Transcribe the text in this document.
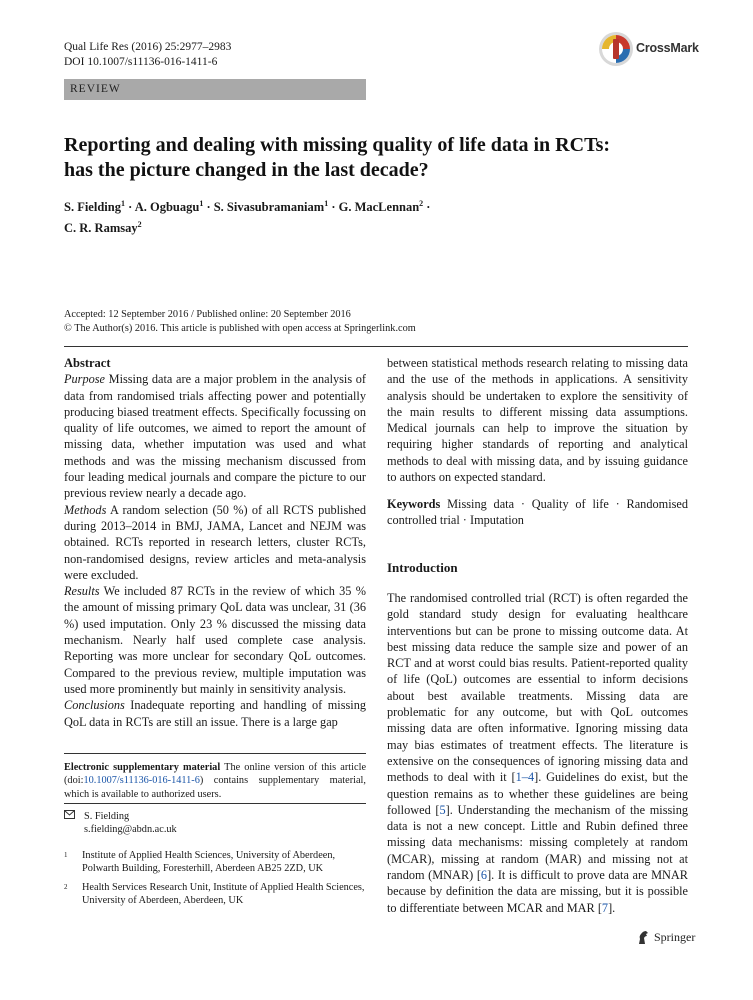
Qual Life Res (2016) 25:2977–2983
DOI 10.1007/s11136-016-1411-6
REVIEW
CrossMark
Reporting and dealing with missing quality of life data in RCTs:
has the picture changed in the last decade?
S. Fielding$^1$ · A. Ogbuagu$^1$ · S. Sivasubramaniam$^1$ · G. MacLennan$^2$ ·
C. R. Ramsay$^2$
Accepted: 12 September 2016 / Published online: 20 September 2016
© The Author(s) 2016. This article is published with open access at Springerlink.com

Abstract

Purpose Missing data are a major problem in the analysis of data from randomised trials affecting power and potentially producing biased treatment effects. Specifically focussing on quality of life outcomes, we aimed to report the amount of missing data, whether imputation was used and what methods and was the missing mechanism discussed from four leading medical journals and compare the picture to our previous review nearly a decade ago.

Methods A random selection (50 %) of all RCTS published during 2013–2014 in BMJ, JAMA, Lancet and NEJM was obtained. RCTs reported in research letters, cluster RCTs, non-randomised designs, review articles and meta-analysis were excluded.

Results We included 87 RCTs in the review of which 35 % the amount of missing primary QoL data was unclear, 31 (36 %) used imputation. Only 23 % discussed the missing data mechanism. Nearly half used complete case analysis. Reporting was more unclear for secondary QoL outcomes. Compared to the previous review, multiple imputation was used more prominently but mainly in sensitivity analysis.

Conclusions Inadequate reporting and handling of missing QoL data in RCTs are still an issue. There is a large gap

Electronic supplementary material The online version of this article (doi:10.1007/s11136-016-1411-6) contains supplementary material, which is available to authorized users.
S. Fielding
s.fielding@abdn.ac.uk
1	Institute of Applied Health Sciences, University of Aberdeen, Polwarth Building, Foresterhill, Aberdeen AB25 2ZD, UK
2	Health Services Research Unit, Institute of Applied Health Sciences, University of Aberdeen, Aberdeen, UK
between statistical methods research relating to missing data and the use of the methods in applications. A sensitivity analysis should be undertaken to explore the sensitivity of the main results to different missing data assumptions. Medical journals can help to improve the situation by requiring higher standards of reporting and analytical methods to deal with missing data, and by issuing guidance to authors on expected standard.
Keywords Missing data · Quality of life · Randomised controlled trial · Imputation
Introduction
The randomised controlled trial (RCT) is often regarded the gold standard study design for evaluating healthcare interventions but can be prone to missing outcome data. At best missing data reduce the sample size and power of an RCT and at worst could bias results. Patient-reported quality of life (QoL) outcomes are essential to inform decisions about best available treatments. Missing data are problematic for any outcome, but with QoL outcomes missing data are often informative. Ignoring missing data may bias estimates of treatment effects. The literature is extensive on the consequences of ignoring missing data and methods to deal with it [1–4]. Guidelines do exist, but the question remains as to whether these guidelines are being followed [5]. Understanding the mechanism of the missing data is not a new concept. Little and Rubin defined three missing data mechanisms: missing completely at random (MCAR), missing at random (MAR) and missing not at random (MNAR) [6]. It is difficult to prove data are MNAR because by definition the data are missing, but it is possible to differentiate between MCAR and MAR [7].
Springer
